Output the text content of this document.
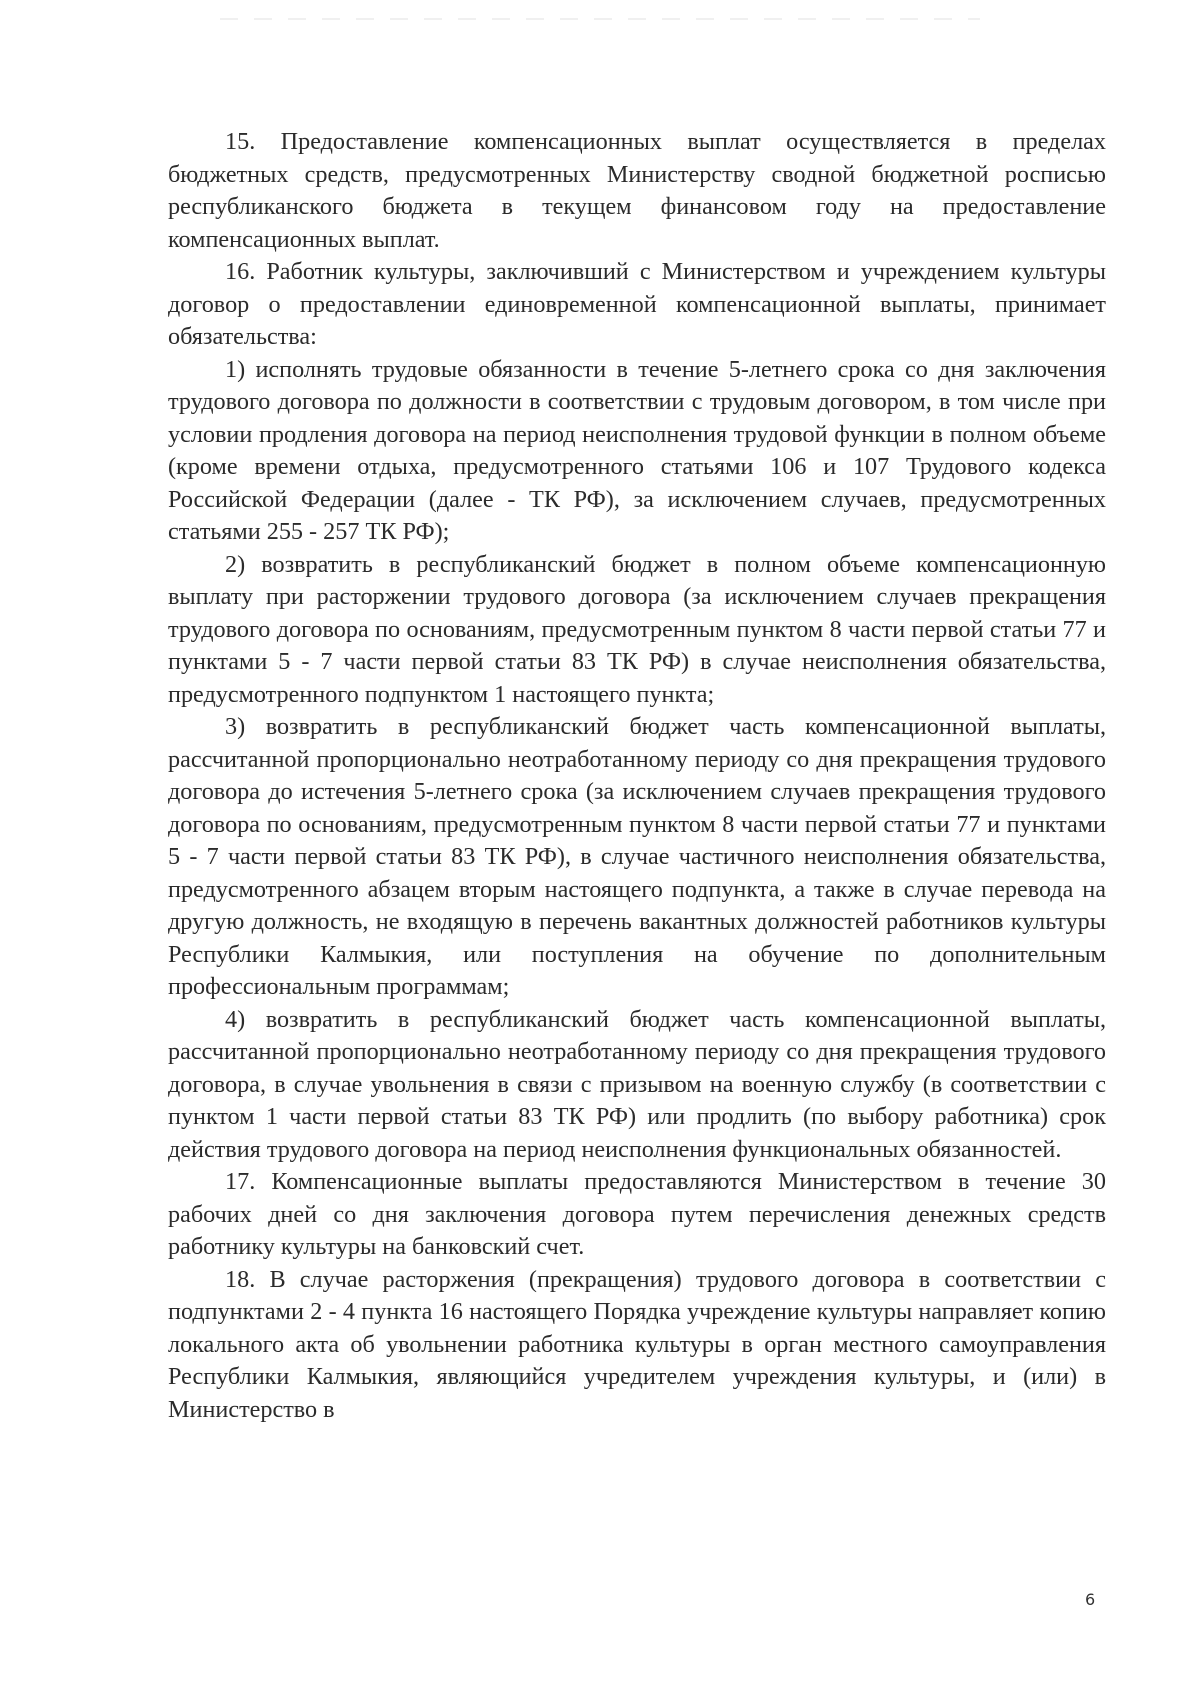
15. Предоставление компенсационных выплат осуществляется в пределах бюджетных средств, предусмотренных Министерству сводной бюджетной росписью республиканского бюджета в текущем финансовом году на предоставление компенсационных выплат.

16. Работник культуры, заключивший с Министерством и учреждением культуры договор о предоставлении единовременной компенсационной выплаты, принимает обязательства:

1) исполнять трудовые обязанности в течение 5-летнего срока со дня заключения трудового договора по должности в соответствии с трудовым договором, в том числе при условии продления договора на период неисполнения трудовой функции в полном объеме (кроме времени отдыха, предусмотренного статьями 106 и 107 Трудового кодекса Российской Федерации (далее - ТК РФ), за исключением случаев, предусмотренных статьями 255 - 257 ТК РФ);

2) возвратить в республиканский бюджет в полном объеме компенсационную выплату при расторжении трудового договора (за исключением случаев прекращения трудового договора по основаниям, предусмотренным пунктом 8 части первой статьи 77 и пунктами 5 - 7 части первой статьи 83 ТК РФ) в случае неисполнения обязательства, предусмотренного подпунктом 1 настоящего пункта;

3) возвратить в республиканский бюджет часть компенсационной выплаты, рассчитанной пропорционально неотработанному периоду со дня прекращения трудового договора до истечения 5-летнего срока (за исключением случаев прекращения трудового договора по основаниям, предусмотренным пунктом 8 части первой статьи 77 и пунктами 5 - 7 части первой статьи 83 ТК РФ), в случае частичного неисполнения обязательства, предусмотренного абзацем вторым настоящего подпункта, а также в случае перевода на другую должность, не входящую в перечень вакантных должностей работников культуры Республики Калмыкия, или поступления на обучение по дополнительным профессиональным программам;

4) возвратить в республиканский бюджет часть компенсационной выплаты, рассчитанной пропорционально неотработанному периоду со дня прекращения трудового договора, в случае увольнения в связи с призывом на военную службу (в соответствии с пунктом 1 части первой статьи 83 ТК РФ) или продлить (по выбору работника) срок действия трудового договора на период неисполнения функциональных обязанностей.

17. Компенсационные выплаты предоставляются Министерством в течение 30 рабочих дней со дня заключения договора путем перечисления денежных средств работнику культуры на банковский счет.

18. В случае расторжения (прекращения) трудового договора в соответствии с подпунктами 2 - 4 пункта 16 настоящего Порядка учреждение культуры направляет копию локального акта об увольнении работника культуры в орган местного самоуправления Республики Калмыкия, являющийся учредителем учреждения культуры, и (или) в Министерство в

6
